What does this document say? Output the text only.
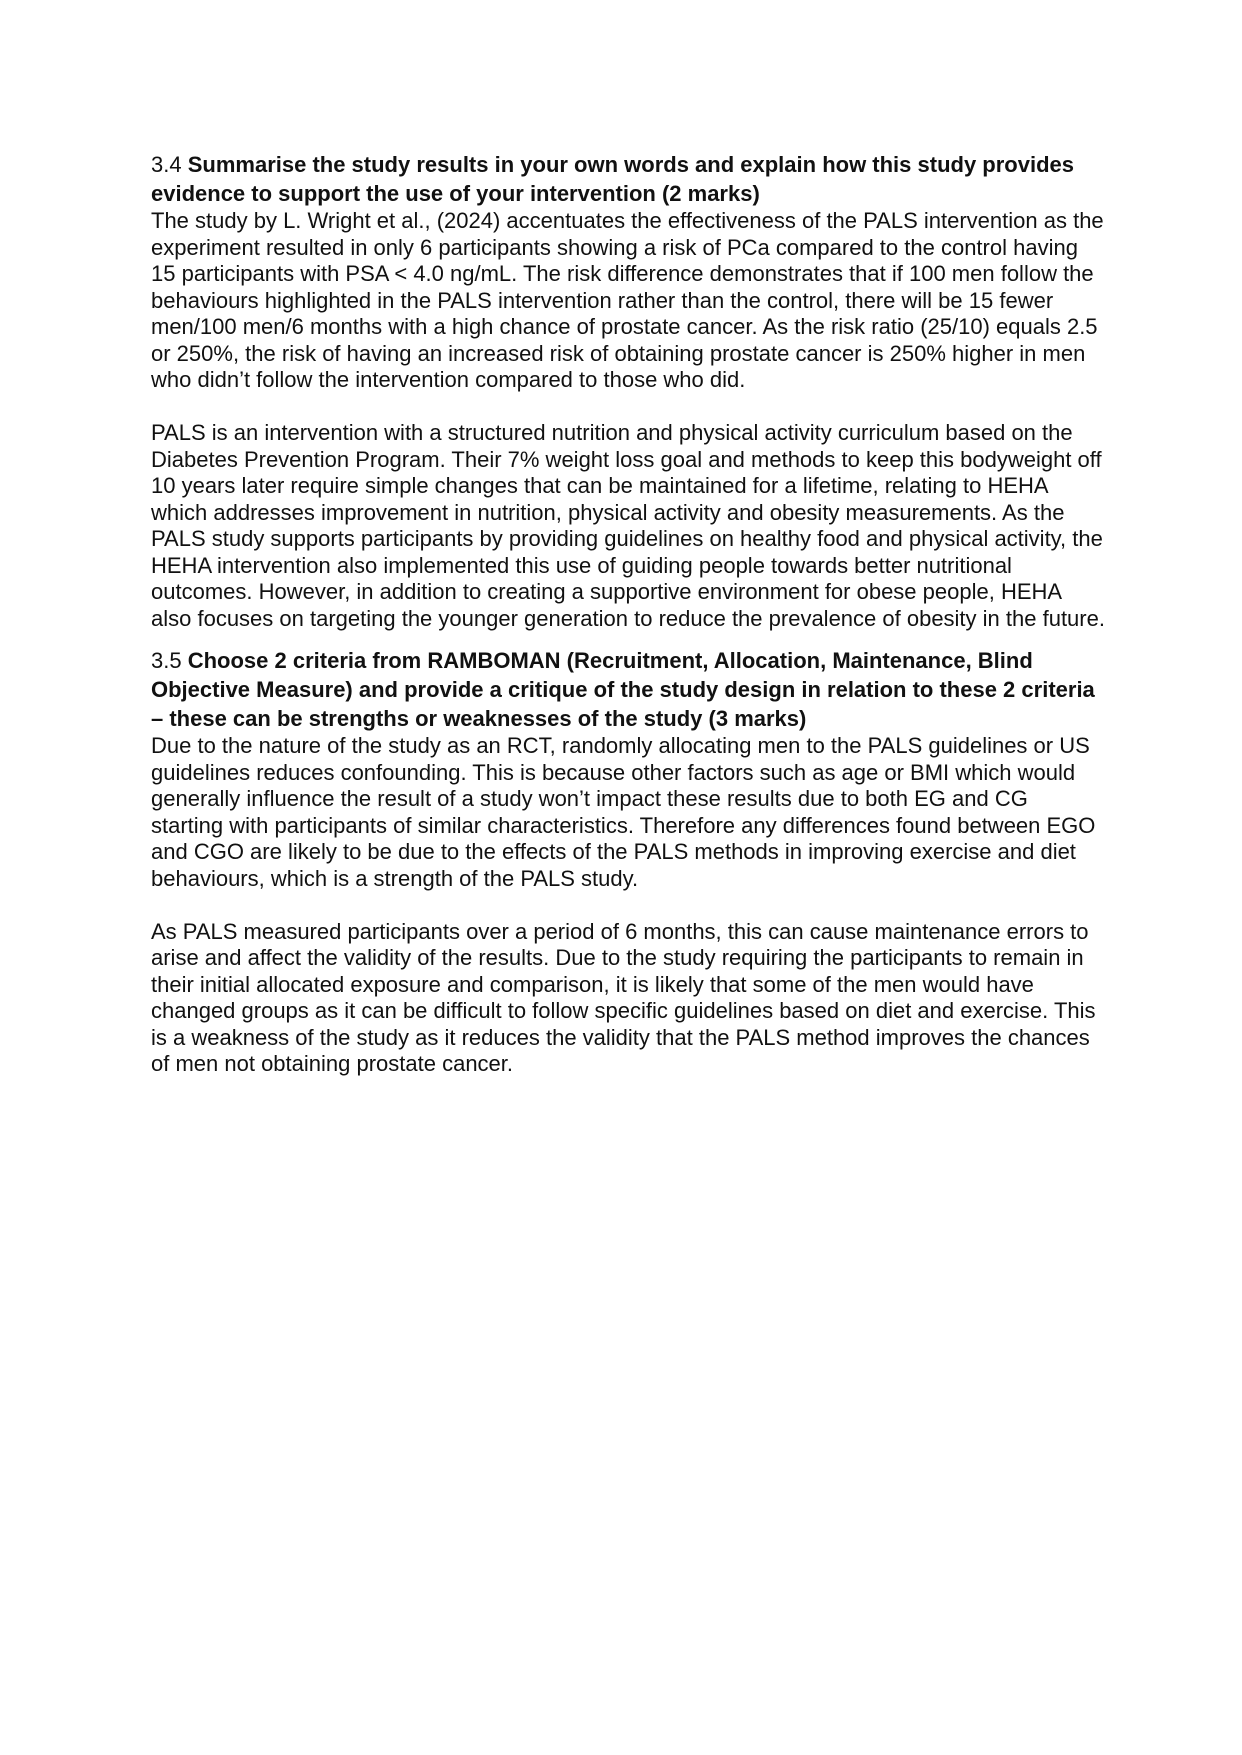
3.4 Summarise the study results in your own words and explain how this study provides evidence to support the use of your intervention (2 marks)

The study by L. Wright et al., (2024) accentuates the effectiveness of the PALS intervention as the experiment resulted in only 6 participants showing a risk of PCa compared to the control having 15 participants with PSA < 4.0 ng/mL. The risk difference demonstrates that if 100 men follow the behaviours highlighted in the PALS intervention rather than the control, there will be 15 fewer men/100 men/6 months with a high chance of prostate cancer. As the risk ratio (25/10) equals 2.5 or 250%, the risk of having an increased risk of obtaining prostate cancer is 250% higher in men who didn’t follow the intervention compared to those who did.

PALS is an intervention with a structured nutrition and physical activity curriculum based on the Diabetes Prevention Program. Their 7% weight loss goal and methods to keep this bodyweight off 10 years later require simple changes that can be maintained for a lifetime, relating to HEHA which addresses improvement in nutrition, physical activity and obesity measurements. As the PALS study supports participants by providing guidelines on healthy food and physical activity, the HEHA intervention also implemented this use of guiding people towards better nutritional outcomes. However, in addition to creating a supportive environment for obese people, HEHA also focuses on targeting the younger generation to reduce the prevalence of obesity in the future.

3.5 Choose 2 criteria from RAMBOMAN (Recruitment, Allocation, Maintenance, Blind Objective Measure) and provide a critique of the study design in relation to these 2 criteria – these can be strengths or weaknesses of the study (3 marks)

Due to the nature of the study as an RCT, randomly allocating men to the PALS guidelines or US guidelines reduces confounding. This is because other factors such as age or BMI which would generally influence the result of a study won’t impact these results due to both EG and CG starting with participants of similar characteristics. Therefore any differences found between EGO and CGO are likely to be due to the effects of the PALS methods in improving exercise and diet behaviours, which is a strength of the PALS study.

As PALS measured participants over a period of 6 months, this can cause maintenance errors to arise and affect the validity of the results. Due to the study requiring the participants to remain in their initial allocated exposure and comparison, it is likely that some of the men would have changed groups as it can be difficult to follow specific guidelines based on diet and exercise. This is a weakness of the study as it reduces the validity that the PALS method improves the chances of men not obtaining prostate cancer.
